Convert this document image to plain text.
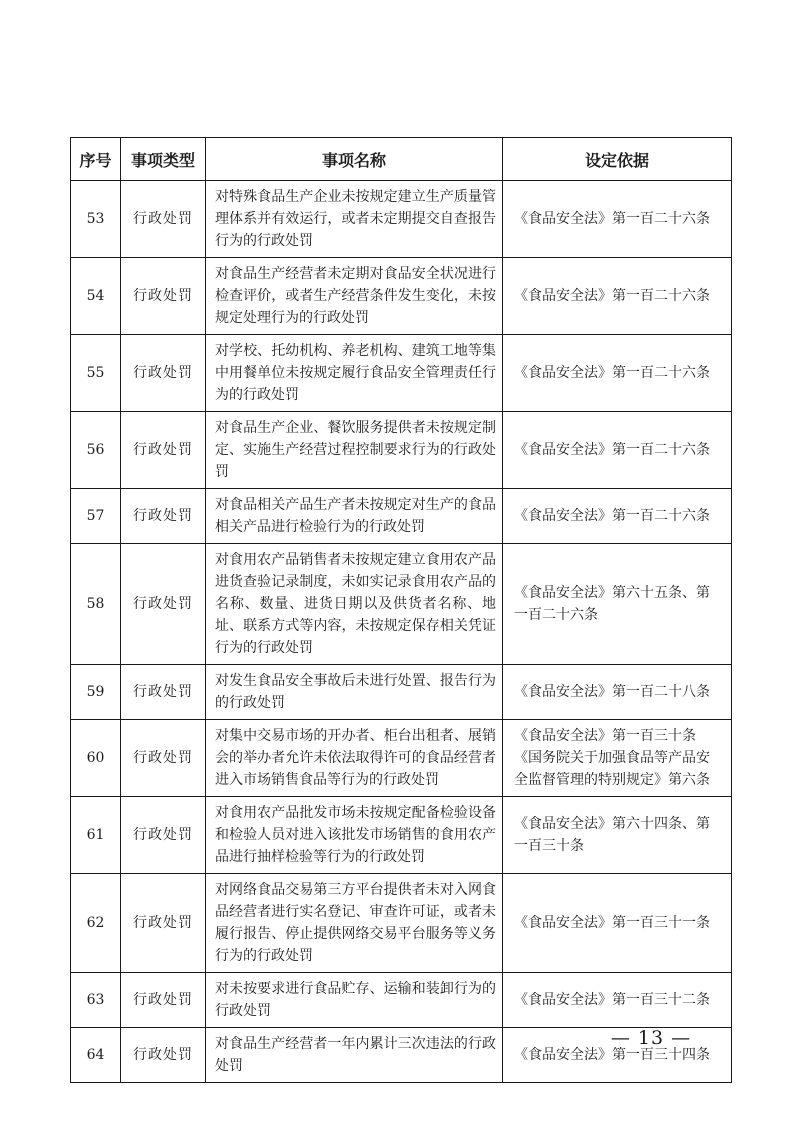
序号	事项类型	事项名称	设定依据
53	行政处罚	对特殊食品生产企业未按规定建立生产质量管理体系并有效运行，或者未定期提交自查报告行为的行政处罚	《食品安全法》第一百二十六条

54	行政处罚	对食品生产经营者未定期对食品安全状况进行检查评价，或者生产经营条件发生变化，未按规定处理行为的行政处罚	《食品安全法》第一百二十六条

55	行政处罚	对学校、托幼机构、养老机构、建筑工地等集中用餐单位未按规定履行食品安全管理责任行为的行政处罚	《食品安全法》第一百二十六条

56	行政处罚	对食品生产企业、餐饮服务提供者未按规定制定、实施生产经营过程控制要求行为的行政处罚	《食品安全法》第一百二十六条

57	行政处罚	对食品相关产品生产者未按规定对生产的食品相关产品进行检验行为的行政处罚	《食品安全法》第一百二十六条

58	行政处罚	对食用农产品销售者未按规定建立食用农产品进货查验记录制度，未如实记录食用农产品的名称、数量、进货日期以及供货者名称、地址、联系方式等内容，未按规定保存相关凭证行为的行政处罚	《食品安全法》第六十五条、第一百二十六条

59	行政处罚	对发生食品安全事故后未进行处置、报告行为的行政处罚	《食品安全法》第一百二十八条

60	行政处罚	对集中交易市场的开办者、柜台出租者、展销会的举办者允许未依法取得许可的食品经营者进入市场销售食品等行为的行政处罚	《食品安全法》第一百三十条
《国务院关于加强食品等产品安全监督管理的特别规定》第六条

61	行政处罚	对食用农产品批发市场未按规定配备检验设备和检验人员对进入该批发市场销售的食用农产品进行抽样检验等行为的行政处罚	《食品安全法》第六十四条、第一百三十条

62	行政处罚	对网络食品交易第三方平台提供者未对入网食品经营者进行实名登记、审查许可证，或者未履行报告、停止提供网络交易平台服务等义务行为的行政处罚	《食品安全法》第一百三十一条

63	行政处罚	对未按要求进行食品贮存、运输和装卸行为的行政处罚	《食品安全法》第一百三十二条

64	行政处罚	对食品生产经营者一年内累计三次违法的行政处罚	《食品安全法》第一百三十四条
— 13 —
